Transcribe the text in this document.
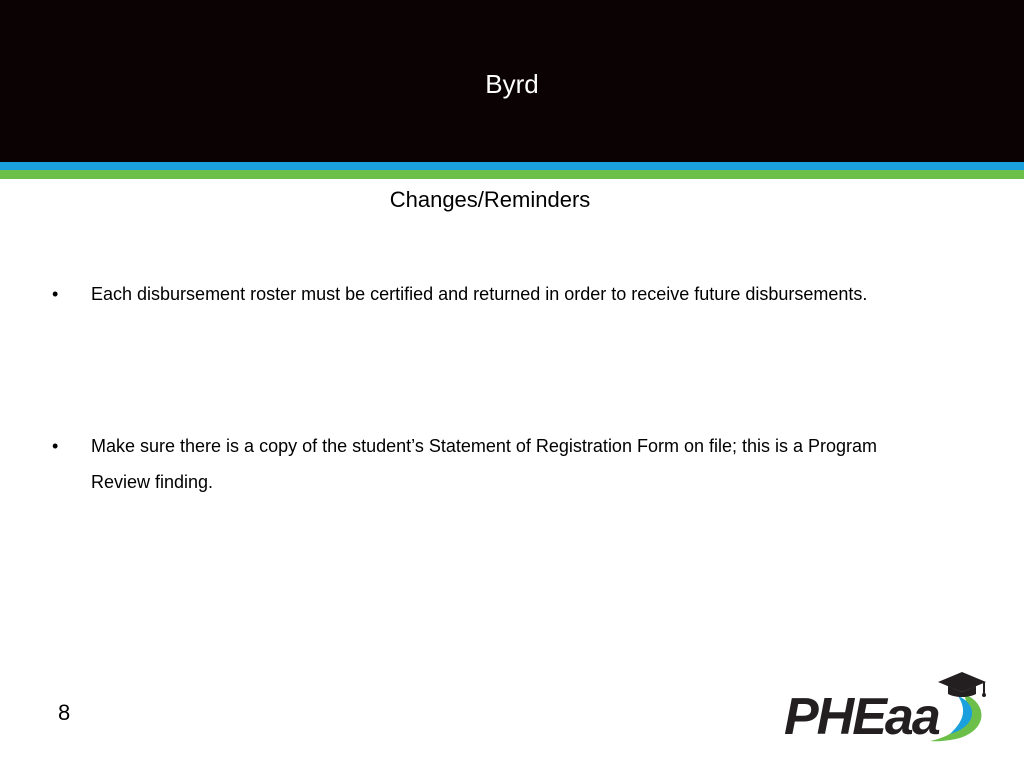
Byrd
Changes/Reminders
•	Each disbursement roster must be certified and returned in order to receive future disbursements.
•	Make sure there is a copy of the student’s Statement of Registration Form on file; this is a Program Review finding.
8	PHEaa
